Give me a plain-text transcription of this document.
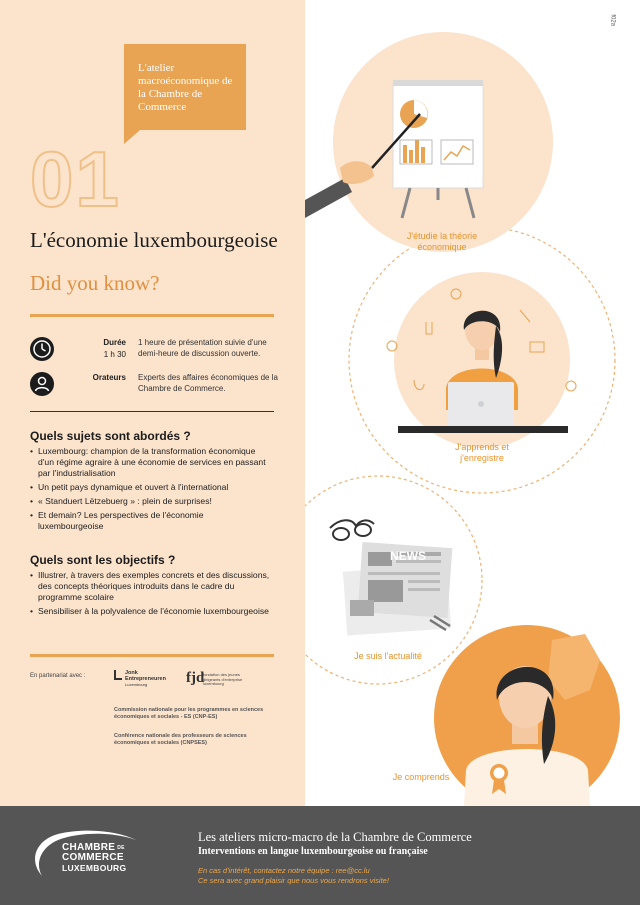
f02a
L'atelier macroéconomique de la Chambre de Commerce
01
L'économie luxembourgeoise
Did you know?
Durée
1 h 30
1 heure de présentation suivie d'une demi-heure de discussion ouverte.
Orateurs Experts des affaires économiques de la Chambre de Commerce.
Quels sujets sont abordés ?
• Luxembourg: champion de la transformation économique d'un régime agraire à une économie de services en passant par l'industrialisation
• Un petit pays dynamique et ouvert à l'international
• « Standuert Lëtzebuerg » : plein de surprises!
• Et demain? Les perspectives de l'économie luxembourgeoise
Quels sont les objectifs ?
• Illustrer, à travers des exemples concrets et des discussions, des concepts théoriques introduits dans le cadre du programme scolaire
• Sensibiliser à la polyvalence de l'économie luxembourgeoise
En partenariat avec :	Jonk Entrepreneuren
Luxembourg	fjd
fondation des jeunes dirigeants d'entreprise luxembourg
Commission nationale pour les programmes en sciences économiques et sociales - ES (CNP-ES)
Conférence nationale des professeurs de sciences économiques et sociales (CNPSES)
NEWS
J'étudie la théorie économique
J'apprends et j'enregistre
Je suis l'actualité
Je comprends
CHAMBRE $^{DE}$
COMMERCE
LUXEMBOURG
Les ateliers micro-macro de la Chambre de Commerce
Interventions en langue luxembourgeoise ou française
En cas d'intérêt, contactez notre équipe : ree@cc.lu
Ce sera avec grand plaisir que nous vous rendrons visite!
